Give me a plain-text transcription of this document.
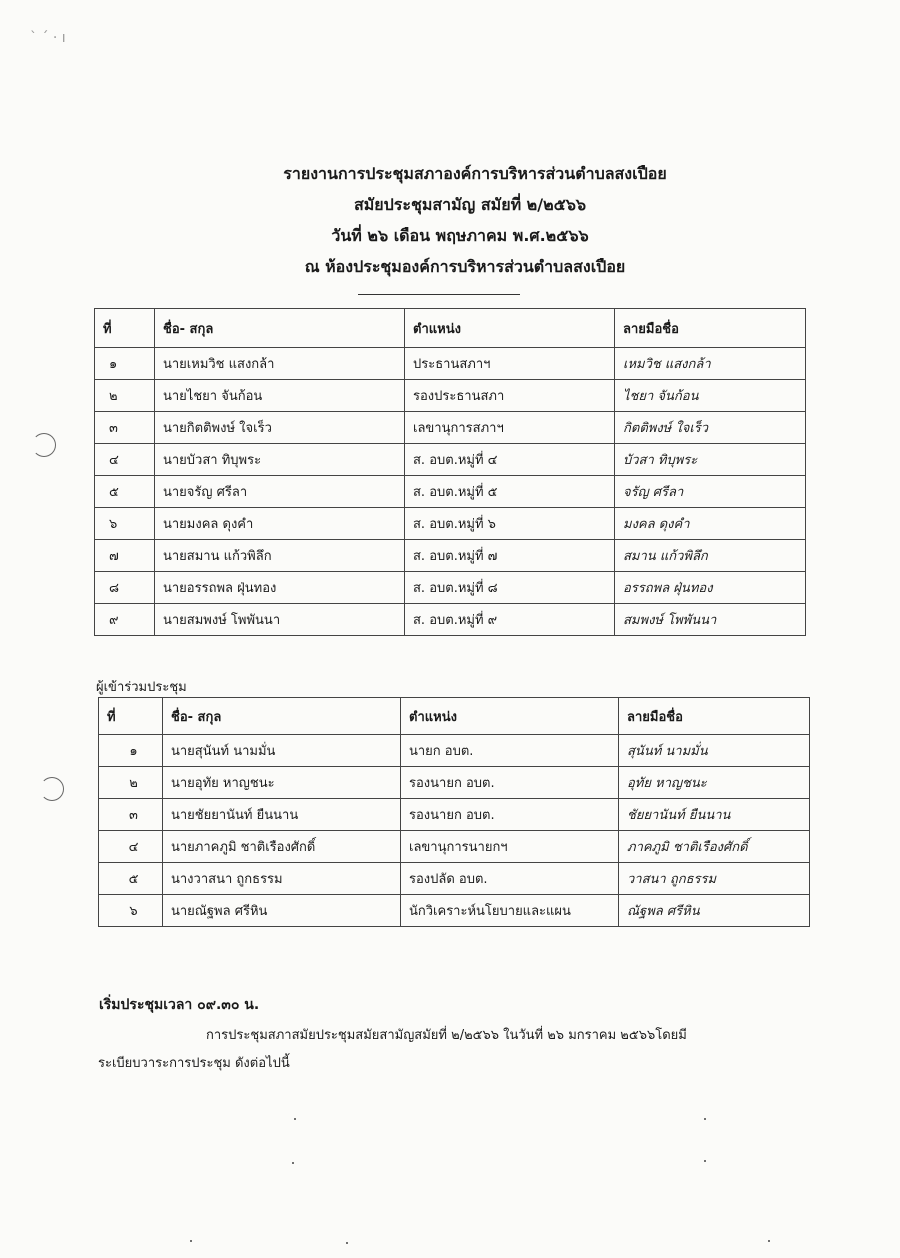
ˋ ˊ · ı
รายงานการประชุมสภาองค์การบริหารส่วนตำบลสงเปือย
สมัยประชุมสามัญ สมัยที่ ๒/๒๕๖๖
วันที่ ๒๖ เดือน พฤษภาคม พ.ศ.๒๕๖๖
ณ ห้องประชุมองค์การบริหารส่วนตำบลสงเปือย
ที่	ชื่อ- สกุล	ตำแหน่ง	ลายมือชื่อ
๑	นายเหมวิช แสงกล้า	ประธานสภาฯ	เหมวิช แสงกล้า
๒	นายไชยา จันก้อน	รองประธานสภา	ไชยา จันก้อน
๓	นายกิตติพงษ์ ใจเร็ว	เลขานุการสภาฯ	กิตติพงษ์ ใจเร็ว
๔	นายบัวสา ทิบุพระ	ส. อบต.หมู่ที่ ๔	บัวสา ทิบุพระ
๕	นายจรัญ ศรีลา	ส. อบต.หมู่ที่ ๕	จรัญ ศรีลา
๖	นายมงคล ดุงคำ	ส. อบต.หมู่ที่ ๖	มงคล ดุงคำ
๗	นายสมาน แก้วพิลึก	ส. อบต.หมู่ที่ ๗	สมาน แก้วพิลึก
๘	นายอรรถพล ฝุ่นทอง	ส. อบต.หมู่ที่ ๘	อรรถพล ฝุ่นทอง
๙	นายสมพงษ์ โพพันนา	ส. อบต.หมู่ที่ ๙	สมพงษ์ โพพันนา
ผู้เข้าร่วมประชุม
ที่	ชื่อ- สกุล	ตำแหน่ง	ลายมือชื่อ
๑	นายสุนันท์ นามมั่น	นายก อบต.	สุนันท์ นามมั่น
๒	นายอุทัย หาญชนะ	รองนายก อบต.	อุทัย หาญชนะ
๓	นายชัยยานันท์ ยืนนาน	รองนายก อบต.	ชัยยานันท์ ยืนนาน
๔	นายภาคภูมิ ชาติเรืองศักดิ์	เลขานุการนายกฯ	ภาคภูมิ ชาติเรืองศักดิ์
๕	นางวาสนา ถูกธรรม	รองปลัด อบต.	วาสนา ถูกธรรม
๖	นายณัฐพล ศรีหิน	นักวิเคราะห์นโยบายและแผน	ณัฐพล ศรีหิน
เริ่มประชุมเวลา ๐๙.๓๐ น.
การประชุมสภาสมัยประชุมสมัยสามัญสมัยที่ ๒/๒๕๖๖ ในวันที่ ๒๖ มกราคม ๒๕๖๖โดยมี
ระเบียบวาระการประชุม ดังต่อไปนี้
